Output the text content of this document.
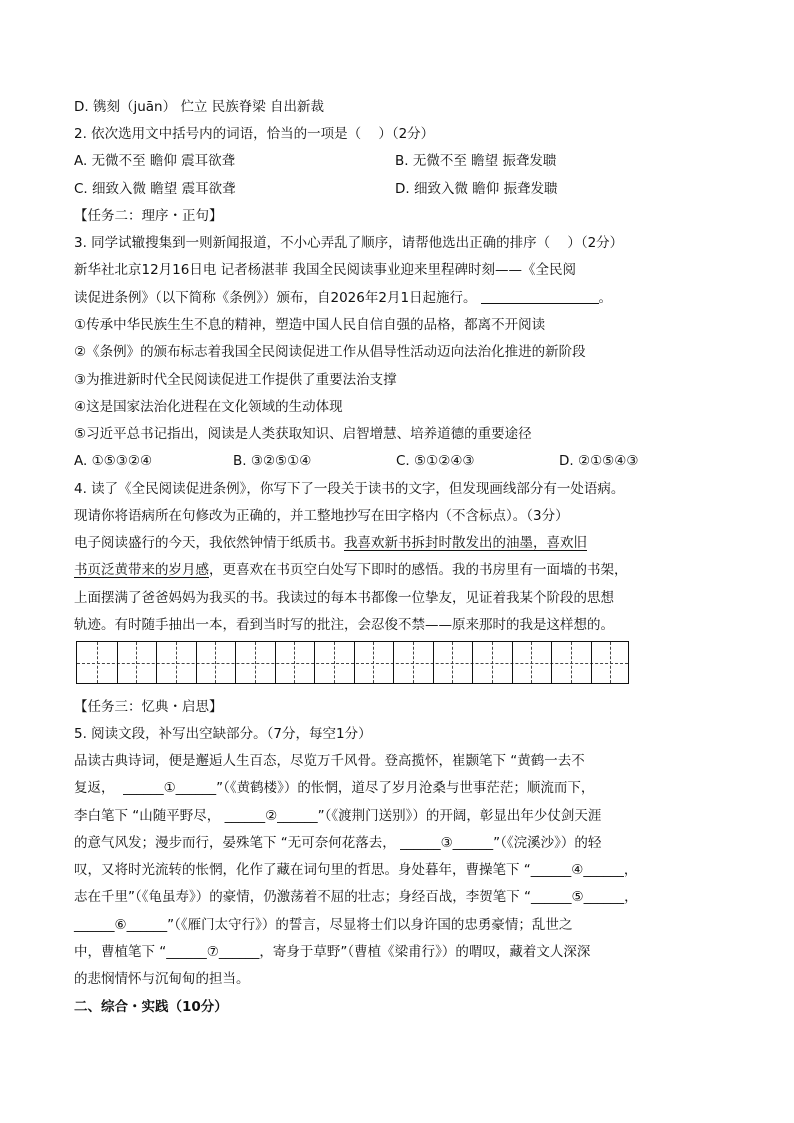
D. 镌刻（juān） 伫立 民族脊梁 自出新裁
2. 依次选用文中括号内的词语，恰当的一项是（    ）（2分）
A. 无微不至 瞻仰 震耳欲聋	B. 无微不至 瞻望 振聋发聩
C. 细致入微 瞻望 震耳欲聋	D. 细致入微 瞻仰 振聋发聩
【任务二：理序・正句】
3. 同学试辙搜集到一则新闻报道，不小心弄乱了顺序，请帮他选出正确的排序（    ）（2分）
新华社北京12月16日电 记者杨湛菲 我国全民阅读事业迎来里程碑时刻——《全民阅
读促进条例》（以下简称《条例》）颁布，自2026年2月1日起施行。	。
①传承中华民族生生不息的精神，塑造中国人民自信自强的品格，都离不开阅读
②《条例》的颁布标志着我国全民阅读促进工作从倡导性活动迈向法治化推进的新阶段
③为推进新时代全民阅读促进工作提供了重要法治支撑
④这是国家法治化进程在文化领域的生动体现
⑤习近平总书记指出，阅读是人类获取知识、启智增慧、培养道德的重要途径
A. ①⑤③②④	B. ③②⑤①④	C. ⑤①②④③	D. ②①⑤④③
4. 读了《全民阅读促进条例》，你写下了一段关于读书的文字，但发现画线部分有一处语病。
现请你将语病所在句修改为正确的，并工整地抄写在田字格内（不含标点）。（3分）
电子阅读盛行的今天，我依然钟情于纸质书。我喜欢新书拆封时散发出的油墨，喜欢旧
书页泛黄带来的岁月感，更喜欢在书页空白处写下即时的感悟。我的书房里有一面墙的书架，
上面摆满了爸爸妈妈为我买的书。我读过的每本书都像一位挚友，见证着我某个阶段的思想
轨迹。有时随手抽出一本，看到当时写的批注，会忍俊不禁——原来那时的我是这样想的。
【任务三：忆典・启思】
5. 阅读文段，补写出空缺部分。（7分，每空1分）
品读古典诗词，便是邂逅人生百态，尽览万千风骨。登高揽怀，崔颢笔下 “黄鹤一去不
复返，  ______①______”（《黄鹤楼》）的怅惘，道尽了岁月沧桑与世事茫茫；顺流而下，
李白笔下 “山随平野尽， ______②______”（《渡荆门送别》）的开阔，彰显出年少仗剑天涯
的意气风发；漫步而行，晏殊笔下 “无可奈何花落去， ______③______”（《浣溪沙》）的轻
叹，又将时光流转的怅惘，化作了藏在词句里的哲思。身处暮年，曹操笔下 “______④______，
志在千里”（《龟虽寿》）的豪情，仍激荡着不屈的壮志；身经百战，李贺笔下 “______⑤______，
______⑥______”（《雁门太守行》）的誓言，尽显将士们以身许国的忠勇豪情；乱世之
中，曹植笔下 “______⑦______，寄身于草野”（曹植《梁甫行》）的喟叹，藏着文人深深
的悲悯情怀与沉甸甸的担当。
二、综合・实践（10分）
